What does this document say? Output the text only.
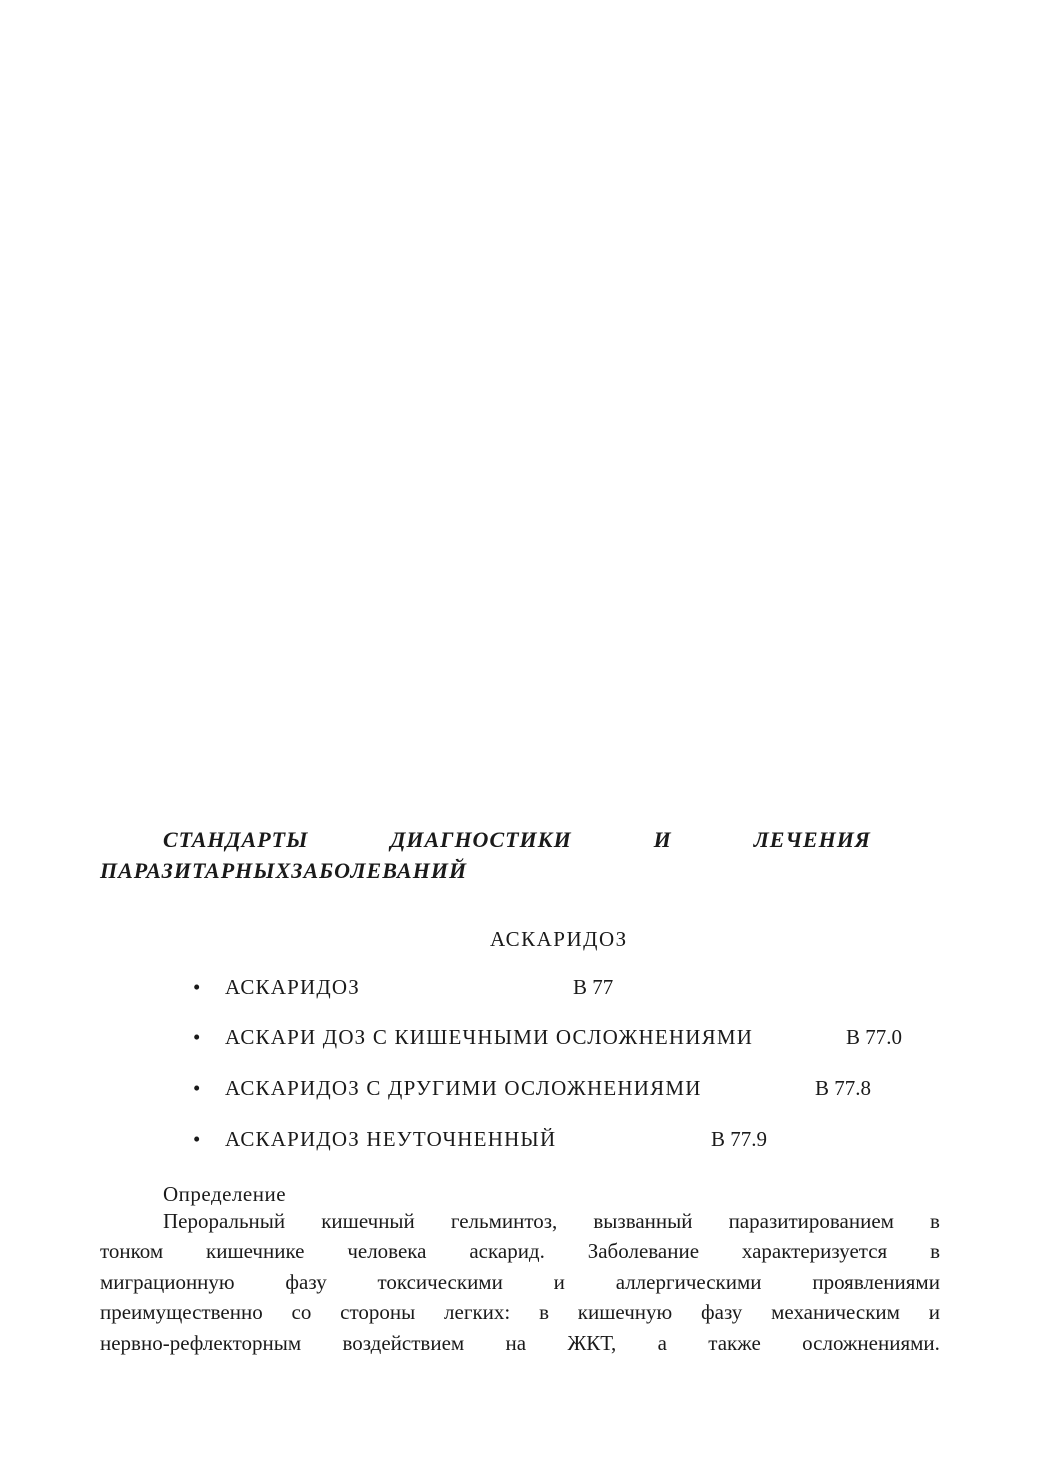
СТАНДАРТЫ	ДИАГНОСТИКИ	И	ЛЕЧЕНИЯ
ПАРАЗИТАРНЫХЗАБОЛЕВАНИЙ
АСКАРИДОЗ
• АСКАРИДОЗ	В 77
• АСКАРИ ДОЗ С КИШЕЧНЫМИ ОСЛОЖНЕНИЯМИ	В 77.0
• АСКАРИДОЗ С ДРУГИМИ ОСЛОЖНЕНИЯМИ	В 77.8
• АСКАРИДОЗ НЕУТОЧНЕННЫЙ	В 77.9
Определение
Пероральный кишечный гельминтоз, вызванный паразитированием в
тонком кишечнике человека аскарид. Заболевание характеризуется в
миграционную фазу токсическими и аллергическими проявлениями
преимущественно со стороны легких: в кишечную фазу механическим и
нервно-рефлекторным воздействием на ЖКТ, а также осложнениями.
